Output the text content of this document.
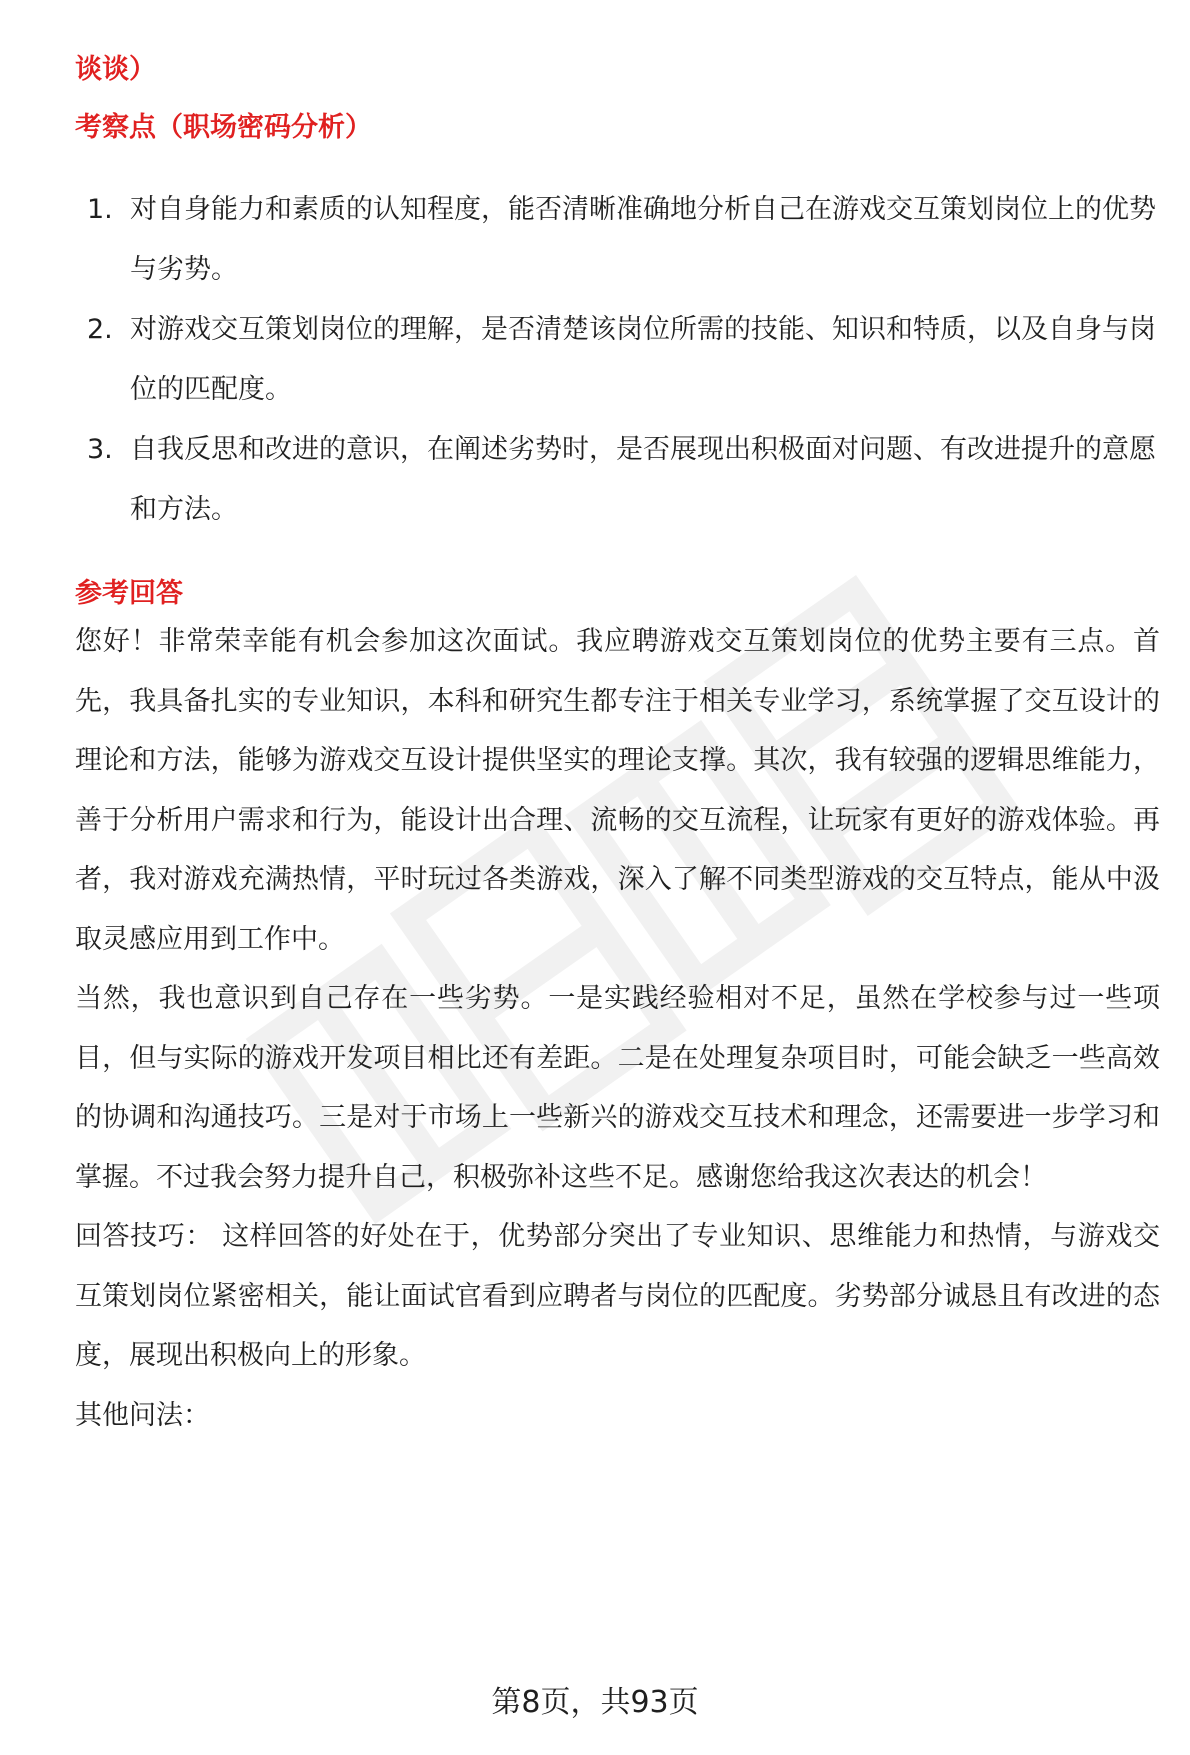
谈谈）
考察点（职场密码分析）
1. 对自身能力和素质的认知程度，能否清晰准确地分析自己在游戏交互策划岗位上的优势与劣势。
2. 对游戏交互策划岗位的理解，是否清楚该岗位所需的技能、知识和特质，以及自身与岗位的匹配度。
3. 自我反思和改进的意识，在阐述劣势时，是否展现出积极面对问题、有改进提升的意愿和方法。
参考回答

您好！非常荣幸能有机会参加这次面试。我应聘游戏交互策划岗位的优势主要有三点。首先，我具备扎实的专业知识，本科和研究生都专注于相关专业学习，系统掌握了交互设计的理论和方法，能够为游戏交互设计提供坚实的理论支撑。其次，我有较强的逻辑思维能力，善于分析用户需求和行为，能设计出合理、流畅的交互流程，让玩家有更好的游戏体验。再者，我对游戏充满热情，平时玩过各类游戏，深入了解不同类型游戏的交互特点，能从中汲取灵感应用到工作中。

当然，我也意识到自己存在一些劣势。一是实践经验相对不足，虽然在学校参与过一些项目，但与实际的游戏开发项目相比还有差距。二是在处理复杂项目时，可能会缺乏一些高效的协调和沟通技巧。三是对于市场上一些新兴的游戏交互技术和理念，还需要进一步学习和掌握。不过我会努力提升自己，积极弥补这些不足。感谢您给我这次表达的机会！

回答技巧： 这样回答的好处在于，优势部分突出了专业知识、思维能力和热情，与游戏交互策划岗位紧密相关，能让面试官看到应聘者与岗位的匹配度。劣势部分诚恳且有改进的态度，展现出积极向上的形象。

其他问法：

第8页，共93页
